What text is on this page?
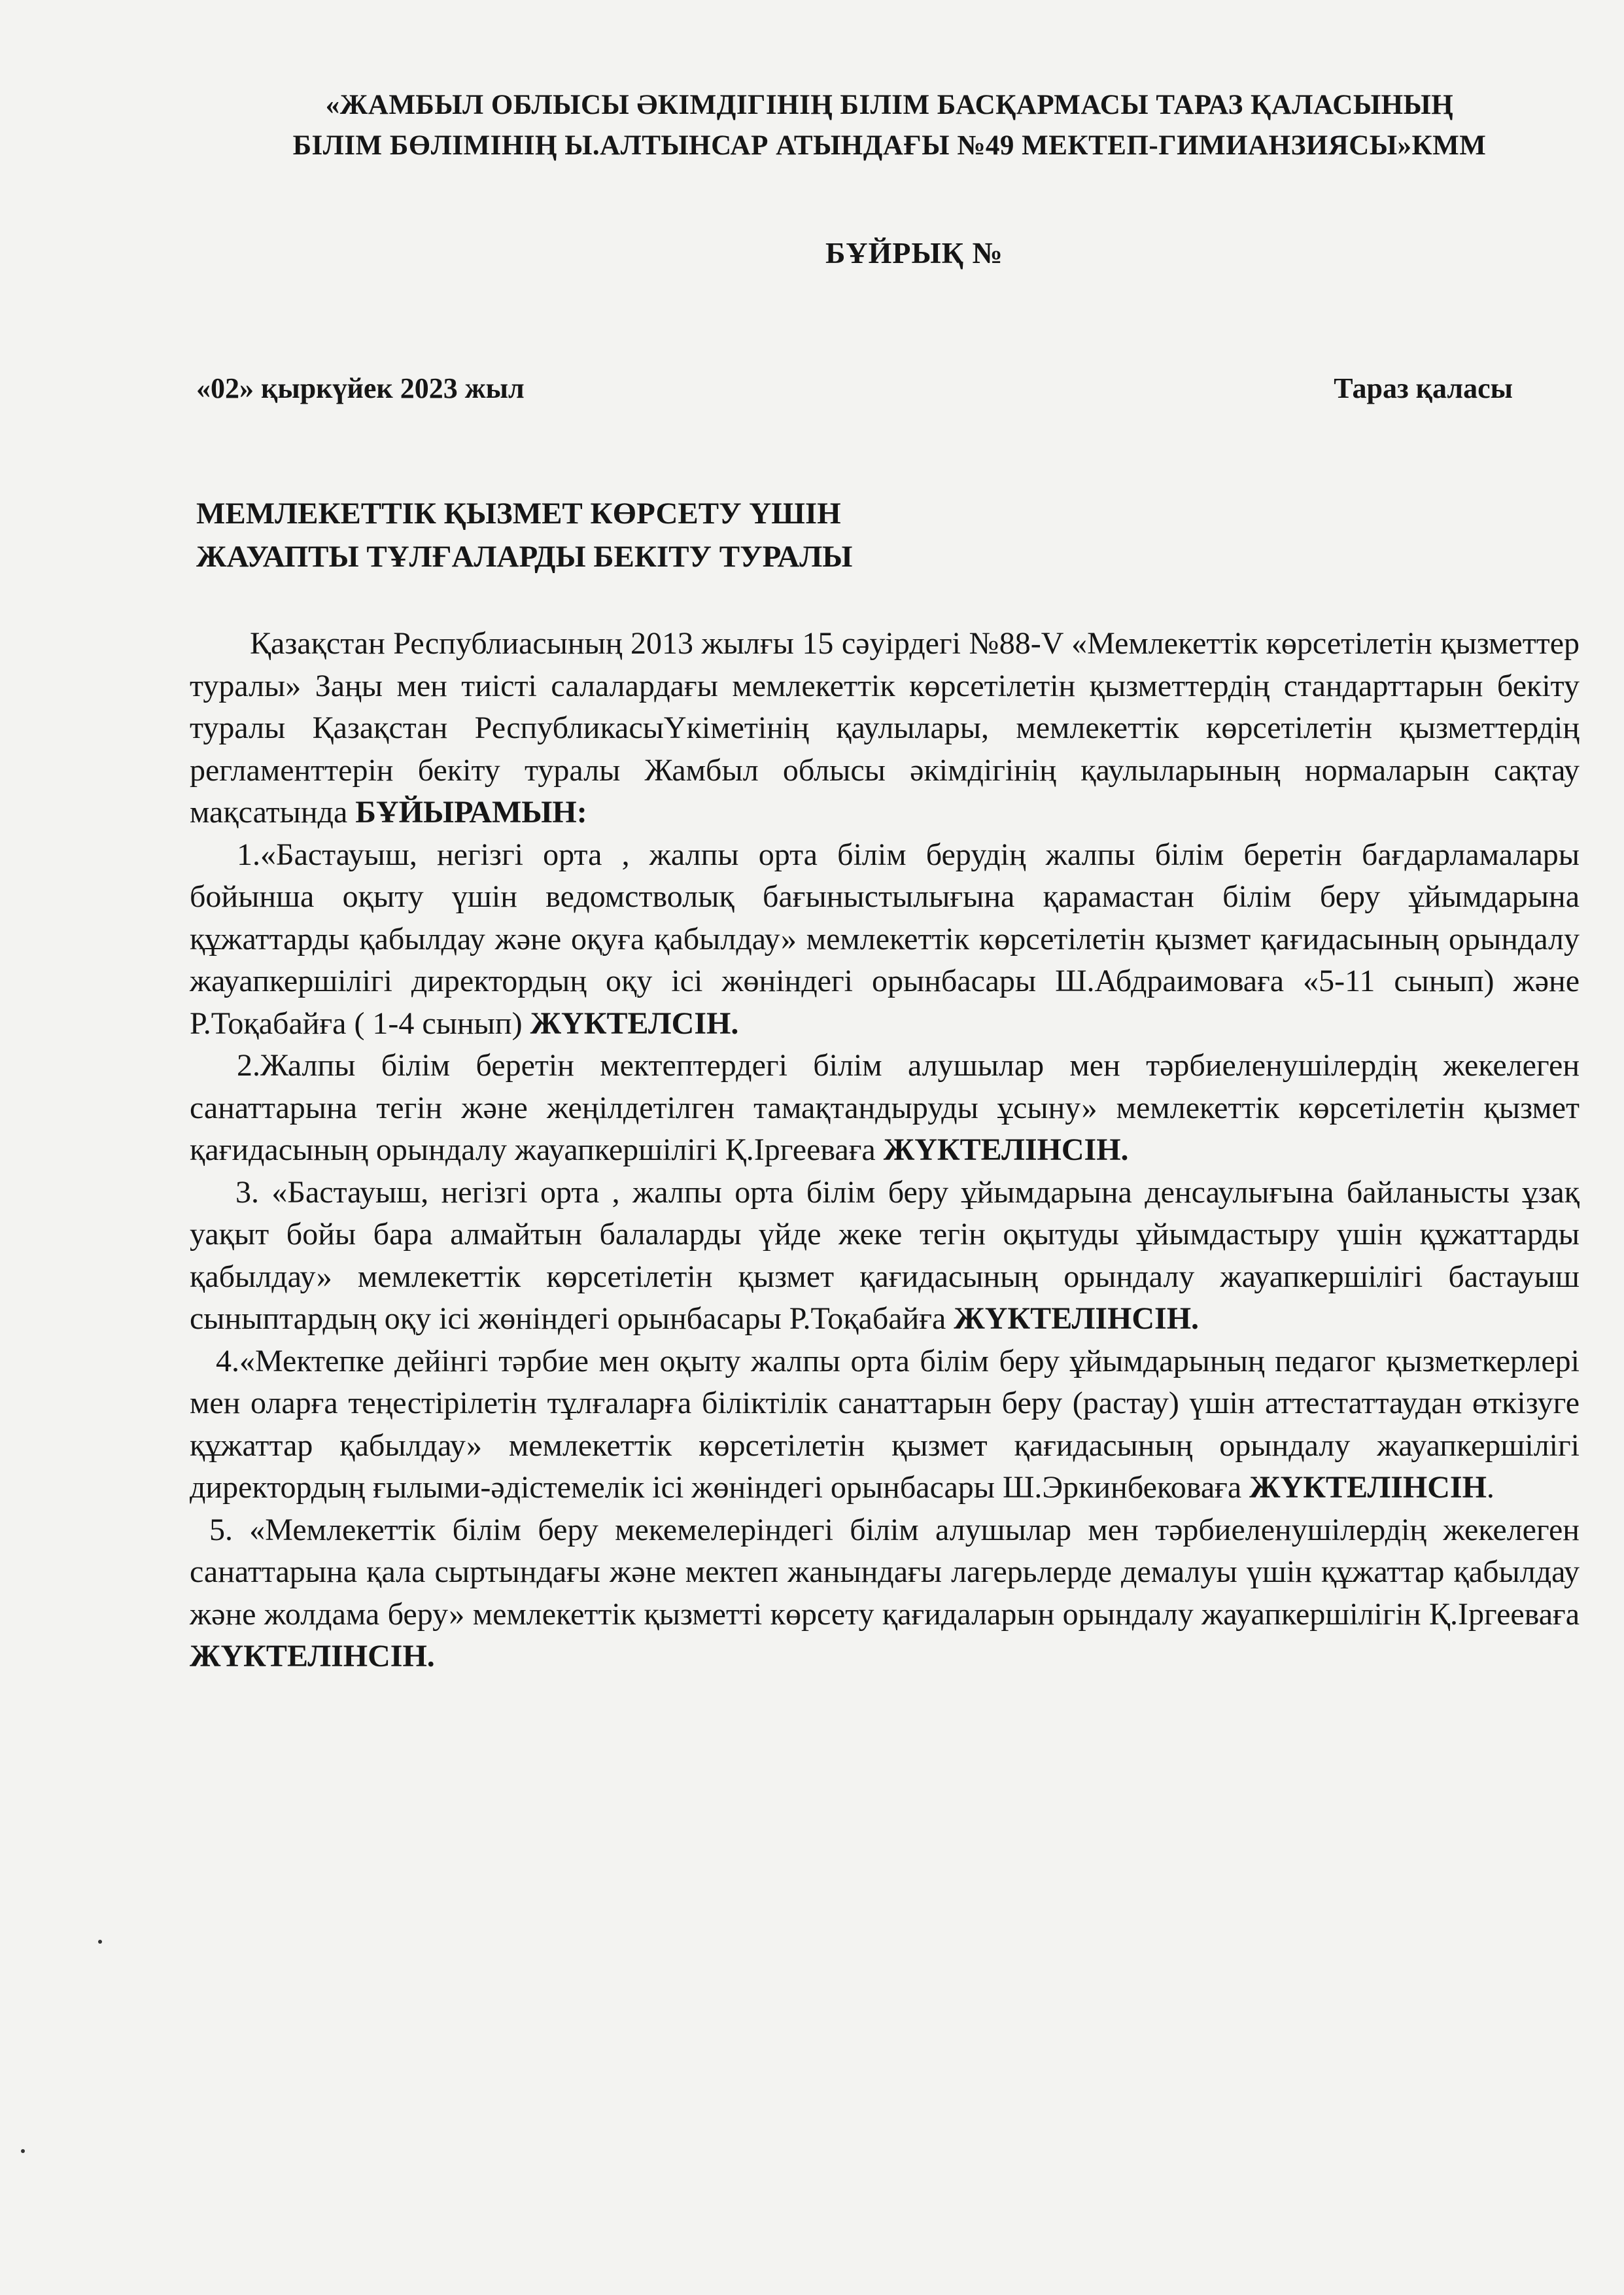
«ЖАМБЫЛ ОБЛЫСЫ ӘКІМДІГІНІҢ БІЛІМ БАСҚАРМАСЫ ТАРАЗ ҚАЛАСЫНЫҢ
БІЛІМ БӨЛІМІНІҢ Ы.АЛТЫНСАР АТЫНДАҒЫ №49 МЕКТЕП-ГИМИАНЗИЯСЫ»КММ
БҰЙРЫҚ №
«02» қыркүйек 2023 жыл	Тараз қаласы
МЕМЛЕКЕТТІК ҚЫЗМЕТ КӨРСЕТУ ҮШІН
ЖАУАПТЫ ТҰЛҒАЛАРДЫ БЕКІТУ ТУРАЛЫ

Қазақстан Республиасының 2013 жылғы 15 сәуірдегі №88-V «Мемлекеттік көрсетілетін қызметтер туралы» Заңы мен тиісті салалардағы мемлекеттік көрсетілетін қызметтердің стандарттарын бекіту туралы Қазақстан РеспубликасыҮкіметінің қаулылары, мемлекеттік көрсетілетін қызметтердің регламенттерін бекіту туралы Жамбыл облысы әкімдігінің қаулыларының нормаларын сақтау мақсатында БҰЙЫРАМЫН:

1.«Бастауыш, негізгі орта , жалпы орта білім берудің жалпы білім беретін бағдарламалары бойынша оқыту үшін ведомстволық бағыныстылығына қарамастан білім беру ұйымдарына құжаттарды қабылдау және оқуға қабылдау» мемлекеттік көрсетілетін қызмет қағидасының орындалу жауапкершілігі директордың оқу ісі жөніндегі орынбасары Ш.Абдраимоваға «5-11 сынып) және Р.Тоқабайға ( 1-4 сынып) ЖҮКТЕЛСІН.

2.Жалпы білім беретін мектептердегі білім алушылар мен тәрбиеленушілердің жекелеген санаттарына тегін және жеңілдетілген тамақтандыруды ұсыну» мемлекеттік көрсетілетін қызмет қағидасының орындалу жауапкершілігі Қ.Іргееваға ЖҮКТЕЛІНСІН.

3. «Бастауыш, негізгі орта , жалпы орта білім беру ұйымдарына денсаулығына байланысты ұзақ уақыт бойы бара алмайтын балаларды үйде жеке тегін оқытуды ұйымдастыру үшін құжаттарды қабылдау» мемлекеттік көрсетілетін қызмет қағидасының орындалу жауапкершілігі бастауыш сыныптардың оқу ісі жөніндегі орынбасары Р.Тоқабайға ЖҮКТЕЛІНСІН.

4.«Мектепке дейінгі тәрбие мен оқыту жалпы орта білім беру ұйымдарының педагог қызметкерлері мен оларға теңестірілетін тұлғаларға біліктілік санаттарын беру (растау) үшін аттестаттаудан өткізуге құжаттар қабылдау» мемлекеттік көрсетілетін қызмет қағидасының орындалу жауапкершілігі директордың ғылыми-әдістемелік ісі жөніндегі орынбасары Ш.Эркинбековаға ЖҮКТЕЛІНСІН.

5. «Мемлекеттік білім беру мекемелеріндегі білім алушылар мен тәрбиеленушілердің жекелеген санаттарына қала сыртындағы және мектеп жанындағы лагерьлерде демалуы үшін құжаттар қабылдау және жолдама беру» мемлекеттік қызметті көрсету қағидаларын орындалу жауапкершілігін Қ.Іргееваға ЖҮКТЕЛІНСІН.
